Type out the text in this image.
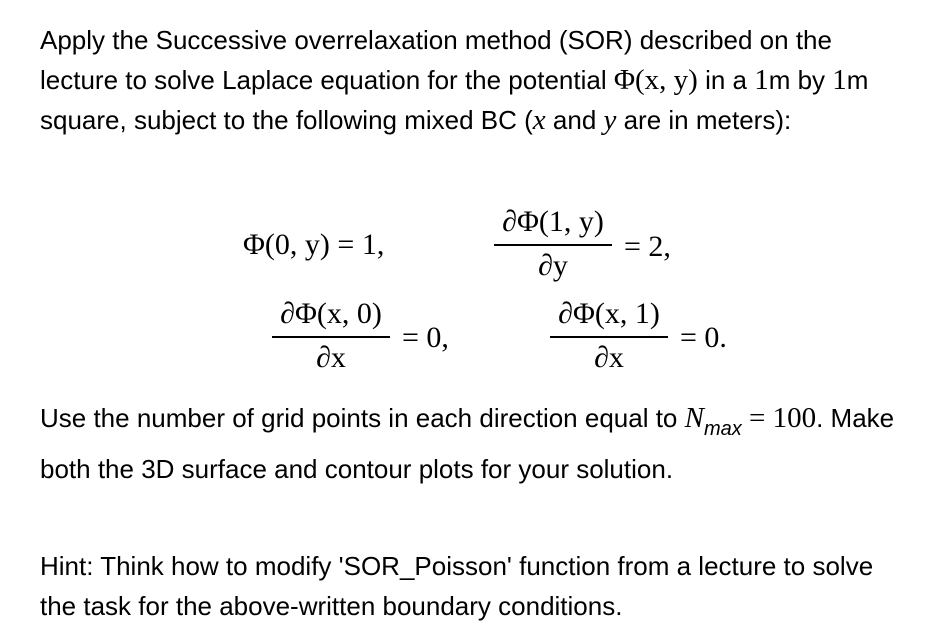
Apply the Successive overrelaxation method (SOR) described on the lecture to solve Laplace equation for the potential Φ(x, y) in a 1m by 1m square, subject to the following mixed BC (x and y are in meters):

Φ(0, y) = 1,
∂Φ(1, y)
∂y
= 2,
∂Φ(x, 0)
∂x
= 0,
∂Φ(x, 1)
∂x
= 0.

Use the number of grid points in each direction equal to $N_{max} = 100$. Make both the 3D surface and contour plots for your solution.

Hint: Think how to modify 'SOR_Poisson' function from a lecture to solve the task for the above-written boundary conditions.
